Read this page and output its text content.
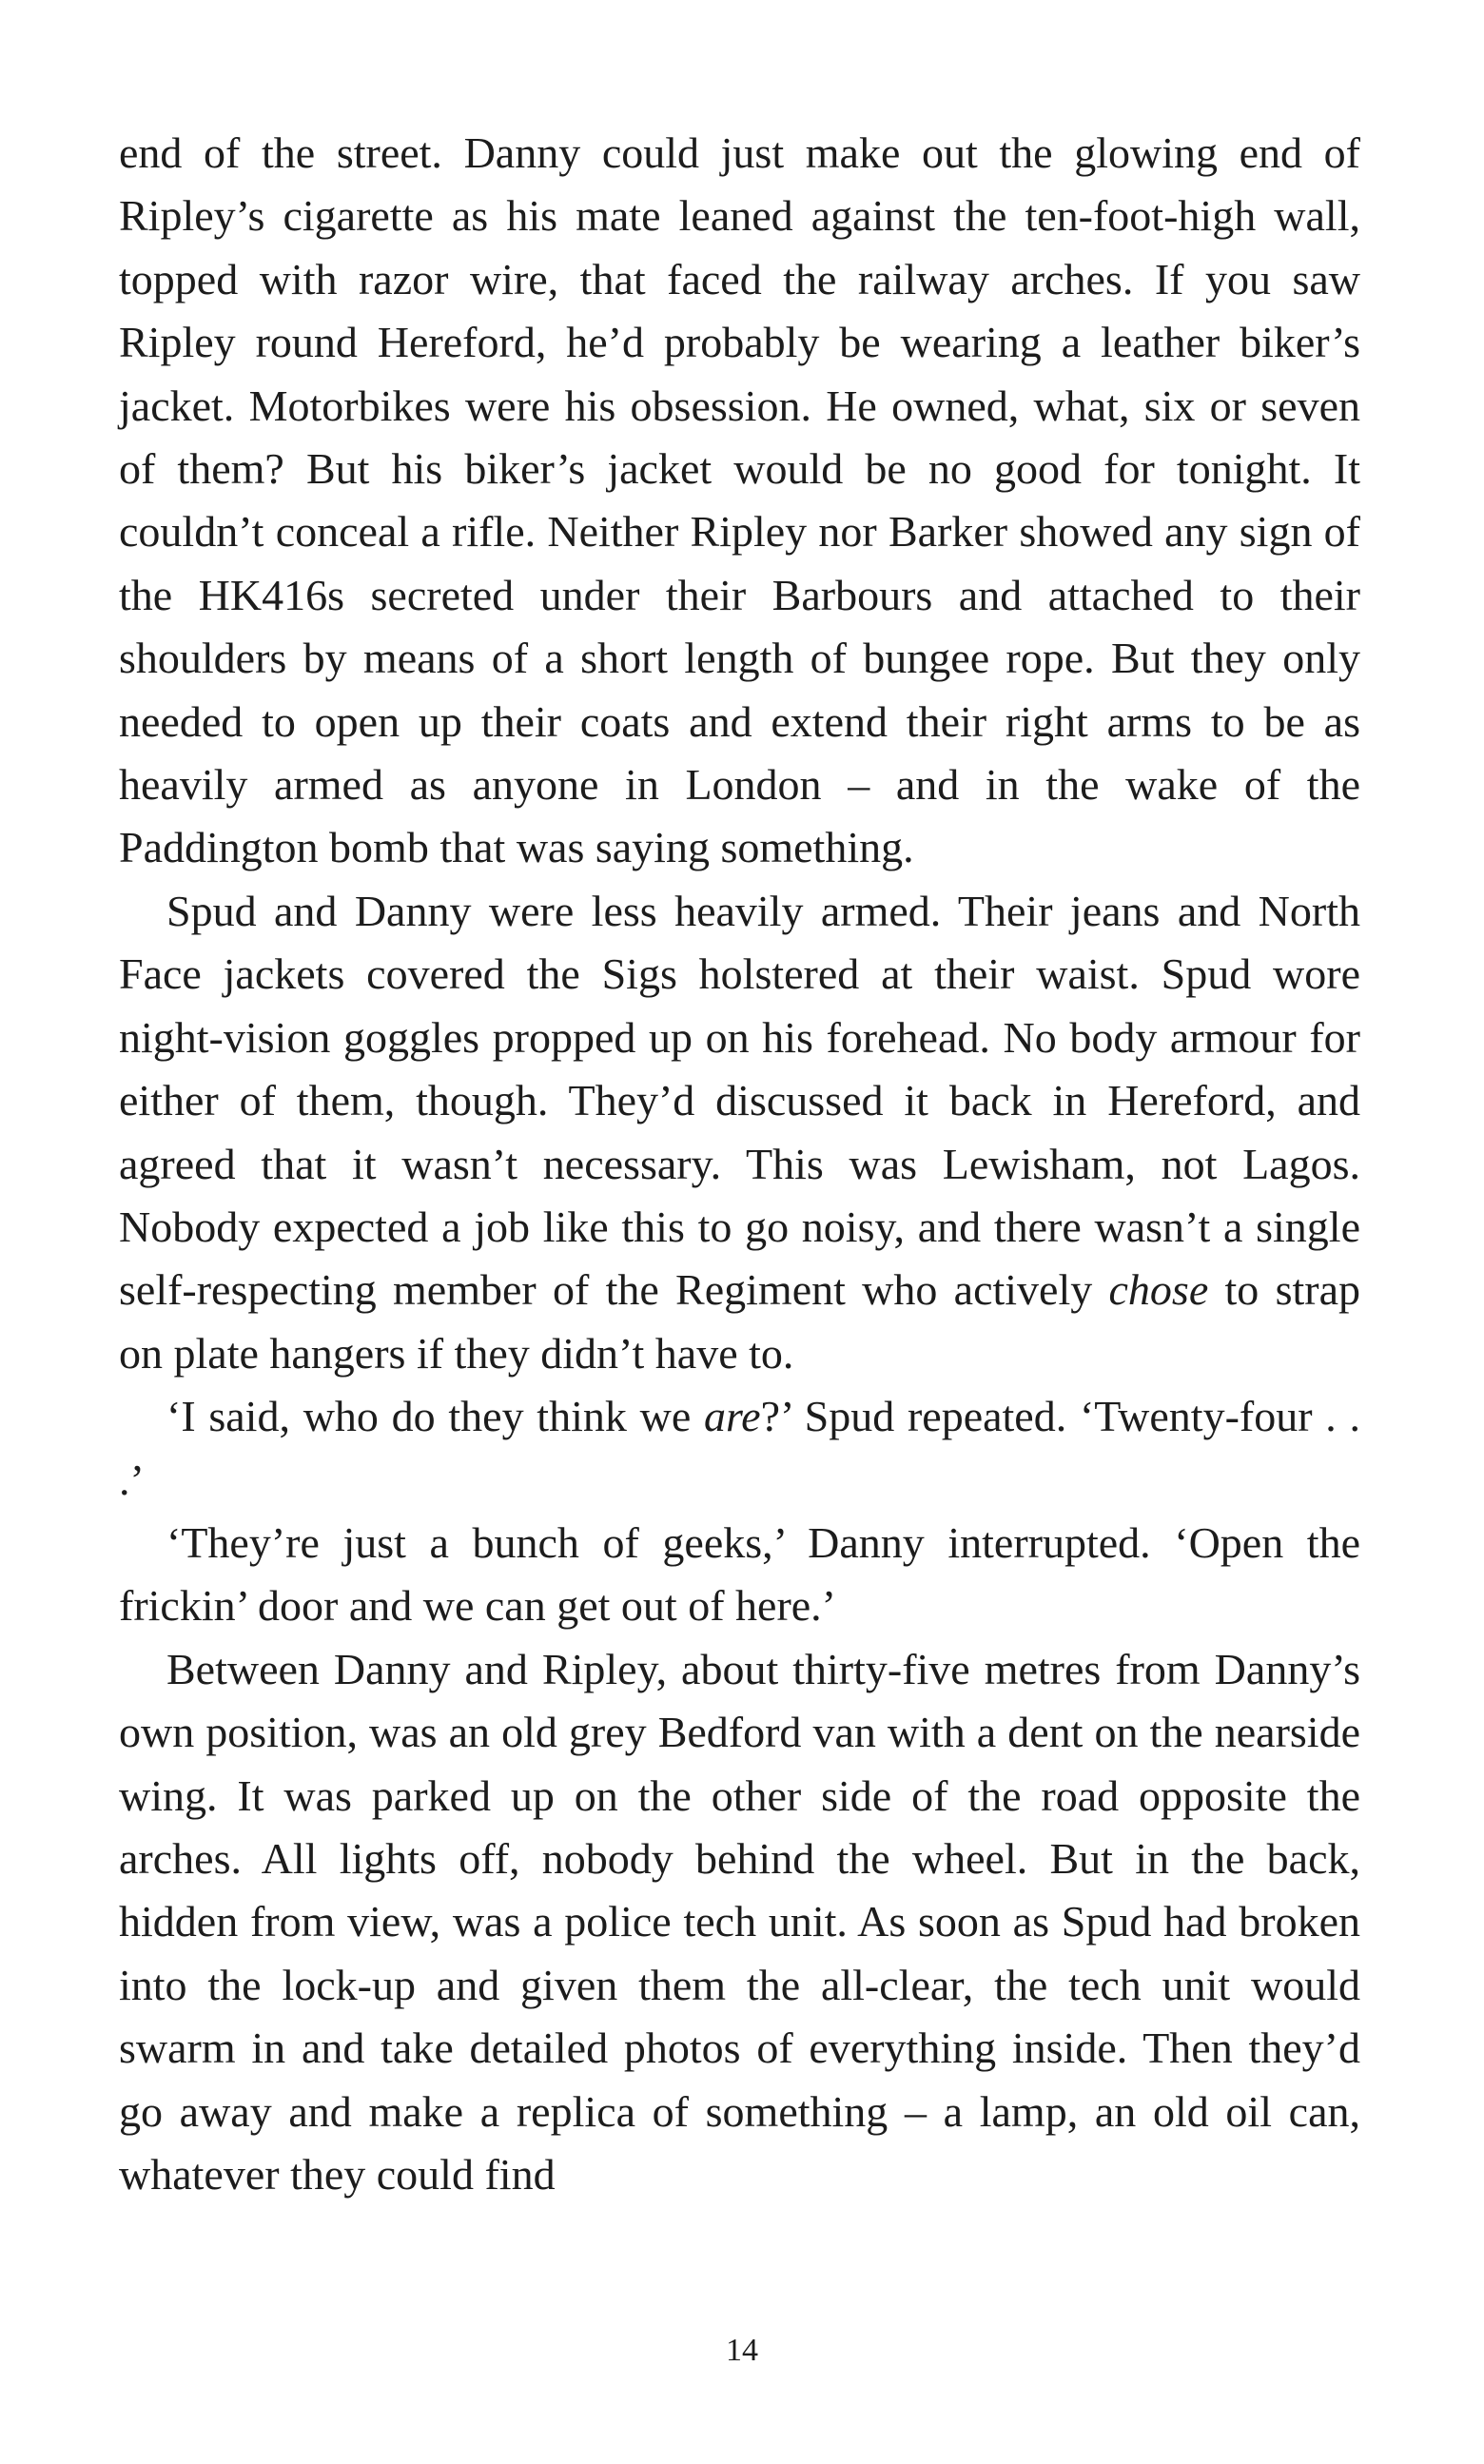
end of the street. Danny could just make out the glowing end of Ripley’s cigarette as his mate leaned against the ten-foot-high wall, topped with razor wire, that faced the railway arches. If you saw Ripley round Hereford, he’d probably be wearing a leather biker’s jacket. Motorbikes were his obsession. He owned, what, six or seven of them? But his biker’s jacket would be no good for tonight. It couldn’t conceal a rifle. Neither Ripley nor Barker showed any sign of the HK416s secreted under their Barbours and attached to their shoulders by means of a short length of bungee rope. But they only needed to open up their coats and extend their right arms to be as heavily armed as anyone in London – and in the wake of the Paddington bomb that was saying something.

Spud and Danny were less heavily armed. Their jeans and North Face jackets covered the Sigs holstered at their waist. Spud wore night-vision goggles propped up on his forehead. No body armour for either of them, though. They’d discussed it back in Hereford, and agreed that it wasn’t necessary. This was Lewisham, not Lagos. Nobody expected a job like this to go noisy, and there wasn’t a single self-respecting member of the Regiment who actively chose to strap on plate hangers if they didn’t have to.

‘I said, who do they think we are?’ Spud repeated. ‘Twenty-four . . .’

‘They’re just a bunch of geeks,’ Danny interrupted. ‘Open the frickin’ door and we can get out of here.’

Between Danny and Ripley, about thirty-five metres from Danny’s own position, was an old grey Bedford van with a dent on the nearside wing. It was parked up on the other side of the road opposite the arches. All lights off, nobody behind the wheel. But in the back, hidden from view, was a police tech unit. As soon as Spud had broken into the lock-up and given them the all-clear, the tech unit would swarm in and take detailed photos of everything inside. Then they’d go away and make a replica of something – a lamp, an old oil can, whatever they could find

14
